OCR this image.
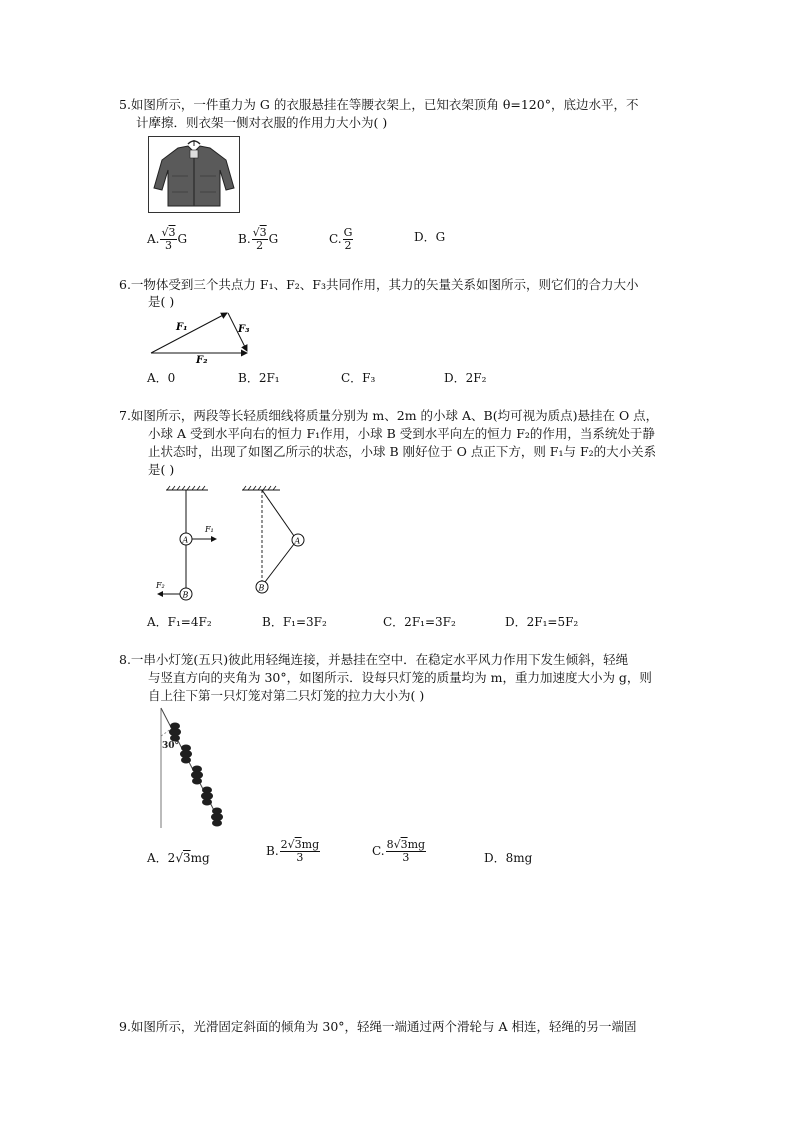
5.如图所示，一件重力为 G 的衣服悬挂在等腰衣架上，已知衣架顶角 θ=120°，底边水平，不
计摩擦．则衣架一侧对衣服的作用力大小为( )
A. $\frac{√3}{3}$ G	B. $\frac{√3}{2}$ G	C. $\frac{G}{2}$	D．G
6.一物体受到三个共点力 F₁、F₂、F₃共同作用，其力的矢量关系如图所示，则它们的合力大小
是( )
F₁	F₃
F₂
A．0	B．2F₁	C．F₃	D．2F₂
7.如图所示，两段等长轻质细线将质量分别为 m、2m 的小球 A、B(均可视为质点)悬挂在 O 点，
小球 A 受到水平向右的恒力 F₁作用，小球 B 受到水平向左的恒力 F₂的作用，当系统处于静
止状态时，出现了如图乙所示的状态，小球 B 刚好位于 O 点正下方，则 F₁与 F₂的大小关系
是( )
A
F₁
B
F₂
A
B
A．F₁=4F₂	B．F₁=3F₂	C．2F₁=3F₂	D．2F₁=5F₂
8.一串小灯笼(五只)彼此用轻绳连接，并悬挂在空中．在稳定水平风力作用下发生倾斜，轻绳
与竖直方向的夹角为 30°，如图所示．设每只灯笼的质量均为 m，重力加速度大小为 g，则
自上往下第一只灯笼对第二只灯笼的拉力大小为( )
30°
A．2√3mg	B. $\frac{2√3mg}{3}$	C. $\frac{8√3mg}{3}$	D．8mg
9.如图所示，光滑固定斜面的倾角为 30°，轻绳一端通过两个滑轮与 A 相连，轻绳的另一端固
